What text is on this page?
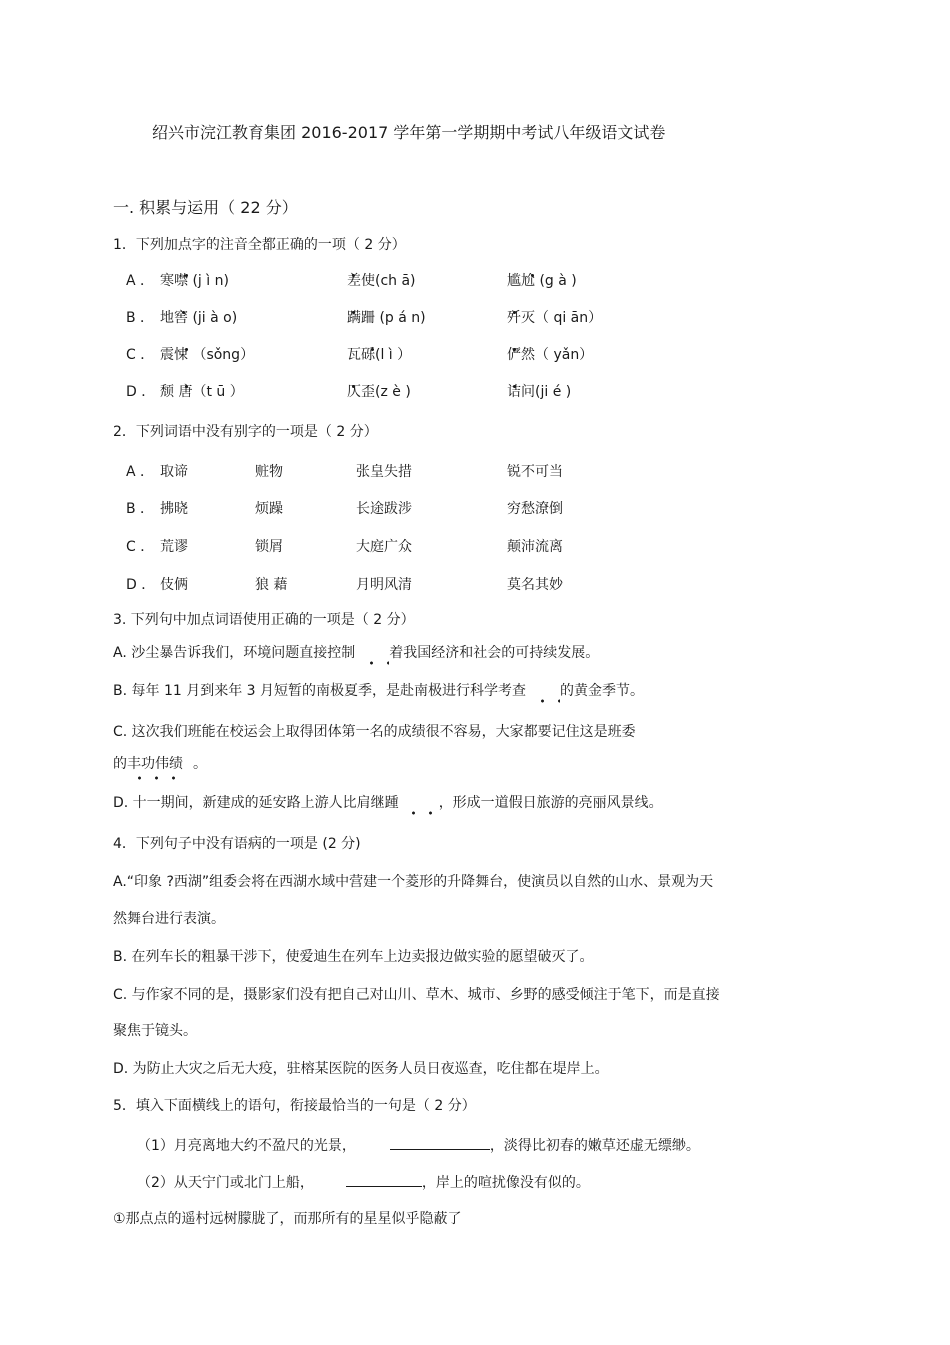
绍兴市浣江教育集团 2016-2017 学年第一学期期中考试八年级语文试卷
一. 积累与运用（ 22 分）
1．下列加点字的注音全都正确的一项（ 2 分）
A ． 寒噤 (j ì n)	差使(ch ā)	尴尬 (g à )
B ． 地窖 (ji à o)	蹒跚 (p á n)	歼灭（ qi ān）
C ． 震悚 （sǒng）	瓦砾(l ì ）	俨然（ yǎn）
D ． 颓 唐（t ū ）	仄歪(z è )	诘问(ji é )
2．下列词语中没有别字的一项是（ 2 分）
A ． 取谛	赃物	张皇失措	锐不可当
B ． 拂晓	烦躁	长途跋涉	穷愁潦倒
C ． 荒谬	锁屑	大庭广众	颠沛流离
D ． 伎俩	狼 藉	月明风清	莫名其妙
3. 下列句中加点词语使用正确的一项是（ 2 分）
A. 沙尘暴告诉我们，环境问题直接控制 着我国经济和社会的可持续发展。
B. 每年 11 月到来年 3 月短暂的南极夏季，是赴南极进行科学考查 的黄金季节。
C. 这次我们班能在校运会上取得团体第一名的成绩很不容易，大家都要记住这是班委
的丰功伟绩 。
D. 十一期间，新建成的延安路上游人比肩继踵	，形成一道假日旅游的亮丽风景线。
4．下列句子中没有语病的一项是 (2 分)
A.“印象 ?西湖”组委会将在西湖水域中营建一个菱形的升降舞台，使演员以自然的山水、景观为天
然舞台进行表演。
B. 在列车长的粗暴干涉下，使爱迪生在列车上边卖报边做实验的愿望破灭了。
C. 与作家不同的是，摄影家们没有把自己对山川、草木、城市、乡野的感受倾注于笔下，而是直接
聚焦于镜头。
D. 为防止大灾之后无大疫，驻榕某医院的医务人员日夜巡查，吃住都在堤岸上。
5．填入下面横线上的语句，衔接最恰当的一句是（ 2 分）
（1）月亮离地大约不盈尺的光景，	，淡得比初春的嫩草还虚无缥缈。
（2）从天宁门或北门上船，	，岸上的喧扰像没有似的。
①那点点的遥村远树朦胧了，而那所有的星星似乎隐蔽了
